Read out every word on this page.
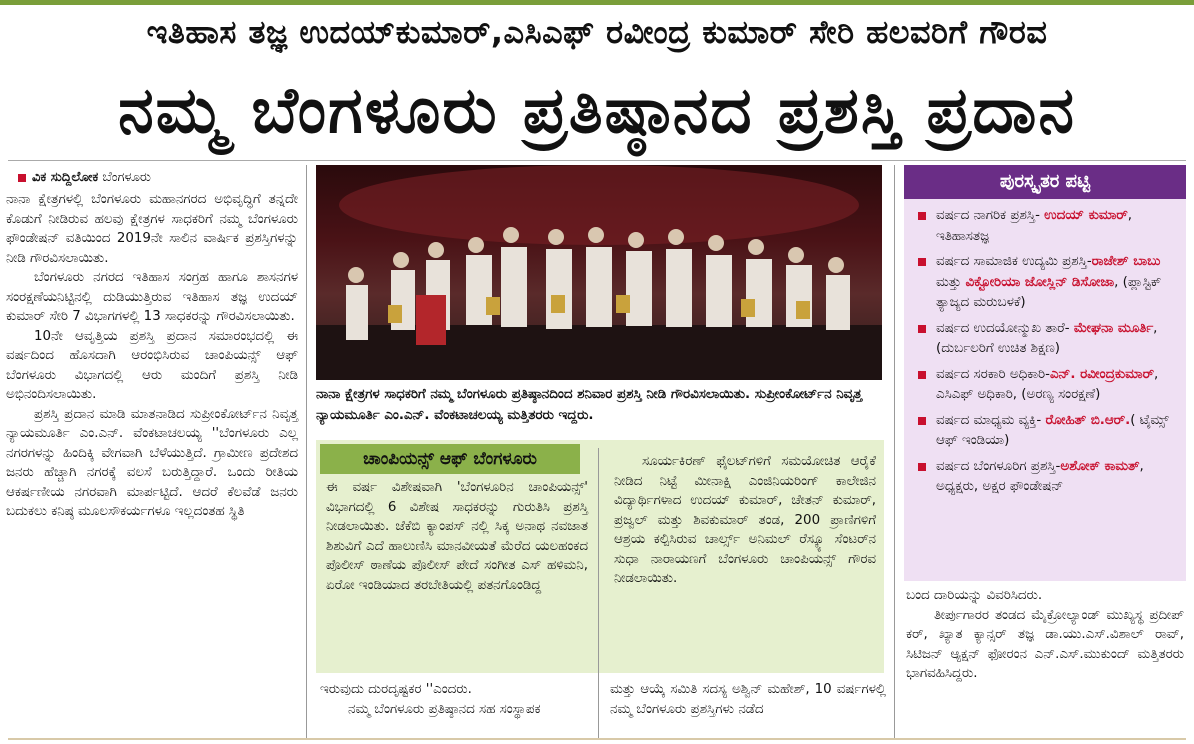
ಇತಿಹಾಸ ತಜ್ಞ ಉದಯ್‌ಕುಮಾರ್,ಎಸಿಎಫ್ ರವೀಂದ್ರ ಕುಮಾರ್ ಸೇರಿ ಹಲವರಿಗೆ ಗೌರವ
ನಮ್ಮ ಬೆಂಗಳೂರು ಪ್ರತಿಷ್ಠಾನದ ಪ್ರಶಸ್ತಿ ಪ್ರದಾನ
ವಿಕ ಸುದ್ದಿಲೋಕ ಬೆಂಗಳೂರು

ನಾನಾ ಕ್ಷೇತ್ರಗಳಲ್ಲಿ ಬೆಂಗಳೂರು ಮಹಾನಗರದ ಅಭಿವೃದ್ಧಿಗೆ ತನ್ನದೇ ಕೊಡುಗೆ ನೀಡಿರುವ ಹಲವು ಕ್ಷೇತ್ರಗಳ ಸಾಧಕರಿಗೆ ನಮ್ಮ ಬೆಂಗಳೂರು ಫೌಂಡೇಷನ್ ವತಿಯಿಂದ 2019ನೇ ಸಾಲಿನ ವಾರ್ಷಿಕ ಪ್ರಶಸ್ತಿಗಳನ್ನು ನೀಡಿ ಗೌರವಿಸಲಾಯಿತು.

ಬೆಂಗಳೂರು ನಗರದ ಇತಿಹಾಸ ಸಂಗ್ರಹ ಹಾಗೂ ಶಾಸನಗಳ ಸಂರಕ್ಷಣೆಯನಿಟ್ಟಿನಲ್ಲಿ ದುಡಿಯುತ್ತಿರುವ ಇತಿಹಾಸ ತಜ್ಞ ಉದಯ್ ಕುಮಾರ್ ಸೇರಿ 7 ವಿಭಾಗಗಳಲ್ಲಿ 13 ಸಾಧಕರನ್ನು ಗೌರವಿಸಲಾಯಿತು.

10ನೇ ಆವೃತ್ತಿಯ ಪ್ರಶಸ್ತಿ ಪ್ರದಾನ ಸಮಾರಂಭದಲ್ಲಿ ಈ ವರ್ಷದಿಂದ ಹೊಸದಾಗಿ ಆರಂಭಿಸಿರುವ ಚಾಂಪಿಯನ್ಸ್ ಆಫ್ ಬೆಂಗಳೂರು ವಿಭಾಗದಲ್ಲಿ ಆರು ಮಂದಿಗೆ ಪ್ರಶಸ್ತಿ ನೀಡಿ ಅಭಿನಂದಿಸಲಾಯಿತು.

ಪ್ರಶಸ್ತಿ ಪ್ರದಾನ ಮಾಡಿ ಮಾತನಾಡಿದ ಸುಪ್ರೀಂಕೋರ್ಟ್‌ನ ನಿವೃತ್ತ ನ್ಯಾಯಮೂರ್ತಿ ಎಂ.ಎನ್. ವೆಂಕಟಾಚಲಯ್ಯ ''ಬೆಂಗಳೂರು ಎಲ್ಲ ನಗರಗಳನ್ನು ಹಿಂದಿಕ್ಕಿ ವೇಗವಾಗಿ ಬೆಳೆಯುತ್ತಿದೆ. ಗ್ರಾಮೀಣ ಪ್ರದೇಶದ ಜನರು ಹೆಚ್ಚಾಗಿ ನಗರಕ್ಕೆ ವಲಸೆ ಬರುತ್ತಿದ್ದಾರೆ. ಒಂದು ರೀತಿಯ ಆಕರ್ಷಣೀಯ ನಗರವಾಗಿ ಮಾರ್ಪಟ್ಟಿದೆ. ಆದರೆ ಕೆಲವೆಡೆ ಜನರು ಬದುಕಲು ಕನಿಷ್ಠ ಮೂಲಸೌಕರ್ಯಗಳೂ ಇಲ್ಲದಂತಹ ಸ್ಥಿತಿ

ನಾನಾ ಕ್ಷೇತ್ರಗಳ ಸಾಧಕರಿಗೆ ನಮ್ಮ ಬೆಂಗಳೂರು ಪ್ರತಿಷ್ಠಾನದಿಂದ ಶನಿವಾರ ಪ್ರಶಸ್ತಿ ನೀಡಿ ಗೌರವಿಸಲಾಯಿತು. ಸುಪ್ರೀಂಕೋರ್ಟ್‌ನ ನಿವೃತ್ತ ನ್ಯಾಯಮೂರ್ತಿ ಎಂ.ಎನ್. ವೆಂಕಟಾಚಲಯ್ಯ ಮತ್ತಿತರರು ಇದ್ದರು.
ಚಾಂಪಿಯನ್ಸ್ ಆಫ್ ಬೆಂಗಳೂರು

ಈ ವರ್ಷ ವಿಶೇಷವಾಗಿ 'ಬೆಂಗಳೂರಿನ ಚಾಂಪಿಯನ್ಸ್' ವಿಭಾಗದಲ್ಲಿ 6 ವಿಶೇಷ ಸಾಧಕರನ್ನು ಗುರುತಿಸಿ ಪ್ರಶಸ್ತಿ ನೀಡಲಾಯಿತು. ಜೆಕೆಬಿ ಕ್ಯಾಂಪಸ್ ನಲ್ಲಿ ಸಿಕ್ಕ ಅನಾಥ ನವಜಾತ ಶಿಶುವಿಗೆ ಎದೆ ಹಾಲುಣಿಸಿ ಮಾನವೀಯತೆ ಮೆರೆದ ಯಲಹಂಕದ ಪೊಲೀಸ್ ಠಾಣೆಯ ಪೊಲೀಸ್ ಪೇದೆ ಸಂಗೀತ ಎಸ್ ಹಳಿಮನಿ, ಏರೋ ಇಂಡಿಯಾದ ತರಬೇತಿಯಲ್ಲಿ ಪತನಗೊಂಡಿದ್ದ

ಸೂರ್ಯಕಿರಣ್ ಫೈಲಟ್‌ಗಳಿಗೆ ಸಮಯೋಚಿತ ಆರೈಕೆ ನೀಡಿದ ನಿಟ್ಟೆ ಮೀನಾಕ್ಷಿ ಎಂಜಿನಿಯರಿಂಗ್ ಕಾಲೇಜಿನ ವಿದ್ಯಾರ್ಥಿಗಳಾದ ಉದಯ್ ಕುಮಾರ್, ಚೇತನ್ ಕುಮಾರ್, ಪ್ರಜ್ವಲ್ ಮತ್ತು ಶಿವಕುಮಾರ್ ತಂಡ, 200 ಪ್ರಾಣಿಗಳಿಗೆ ಆಶ್ರಯ ಕಲ್ಪಿಸಿರುವ ಚಾರ್ಲ್ಸ್ ಅನಿಮಲ್ ರೆಸ್ಕ್ಯೂ ಸೆಂಟರ್‌ನ ಸುಧಾ ನಾರಾಯಣಗೆ ಬೆಂಗಳೂರು ಚಾಂಪಿಯನ್ಸ್ ಗೌರವ ನೀಡಲಾಯಿತು.

ಇರುವುದು ದುರದೃಷ್ಟಕರ ''ಎಂದರು.

ನಮ್ಮ ಬೆಂಗಳೂರು ಪ್ರತಿಷ್ಠಾನದ ಸಹ ಸಂಸ್ಥಾಪಕ

ಮತ್ತು ಆಯ್ಕೆ ಸಮಿತಿ ಸದಸ್ಯ ಅಶ್ವಿನ್ ಮಹೇಶ್, 10 ವರ್ಷಗಳಲ್ಲಿ ನಮ್ಮ ಬೆಂಗಳೂರು ಪ್ರಶಸ್ತಿಗಳು ನಡೆದ

ಪುರಸ್ಕೃತರ ಪಟ್ಟಿ
ವರ್ಷದ ನಾಗರಿಕ ಪ್ರಶಸ್ತಿ- ಉದಯ್ ಕುಮಾರ್, ಇತಿಹಾಸತಜ್ಞ
ವರ್ಷದ ಸಾಮಾಜಿಕ ಉದ್ಯಮಿ ಪ್ರಶಸ್ತಿ-ರಾಜೇಶ್ ಬಾಬು ಮತ್ತು ವಿಕ್ಟೋರಿಯಾ ಜೋಸ್ಲಿನ್ ಡಿಸೋಜಾ, (ಪ್ಲಾಸ್ಟಿಕ್ ತ್ಯಾಜ್ಯದ ಮರುಬಳಕೆ)
ವರ್ಷದ ಉದಯೋನ್ಮುಖ ತಾರೆ- ಮೇಘನಾ ಮೂರ್ತಿ, (ದುರ್ಬಲರಿಗೆ ಉಚಿತ ಶಿಕ್ಷಣ)
ವರ್ಷದ ಸರಕಾರಿ ಅಧಿಕಾರಿ-ಎನ್. ರವೀಂದ್ರಕುಮಾರ್, ಎಸಿಎಫ್ ಅಧಿಕಾರಿ, (ಅರಣ್ಯ ಸಂರಕ್ಷಣೆ)
ವರ್ಷದ ಮಾಧ್ಯಮ ವ್ಯಕ್ತಿ- ರೋಹಿತ್ ಬಿ.ಆರ್.( ಟೈಮ್ಸ್ ಆಫ್ ಇಂಡಿಯಾ)
ವರ್ಷದ ಬೆಂಗಳೂರಿಗ ಪ್ರಶಸ್ತಿ-ಅಶೋಕ್ ಕಾಮತ್, ಅಧ್ಯಕ್ಷರು, ಅಕ್ಷರ ಫೌಂಡೇಷನ್

ಬಂದ ದಾರಿಯನ್ನು ವಿವರಿಸಿದರು.

ತೀರ್ಪುಗಾರರ ತಂಡದ ಮೈಕ್ರೋಲ್ಯಾಂಡ್ ಮುಖ್ಯಸ್ಥ ಪ್ರದೀಪ್ ಕರ್, ಖ್ಯಾತ ಕ್ಯಾನ್ಸರ್ ತಜ್ಞ ಡಾ.ಯು.ಎಸ್.ವಿಶಾಲ್ ರಾವ್, ಸಿಟಿಜನ್ ಆ್ಯಕ್ಷನ್ ಫೋರಂನ ಎನ್.ಎಸ್.ಮುಕುಂದ್ ಮತ್ತಿತರರು ಭಾಗವಹಿಸಿದ್ದರು.
